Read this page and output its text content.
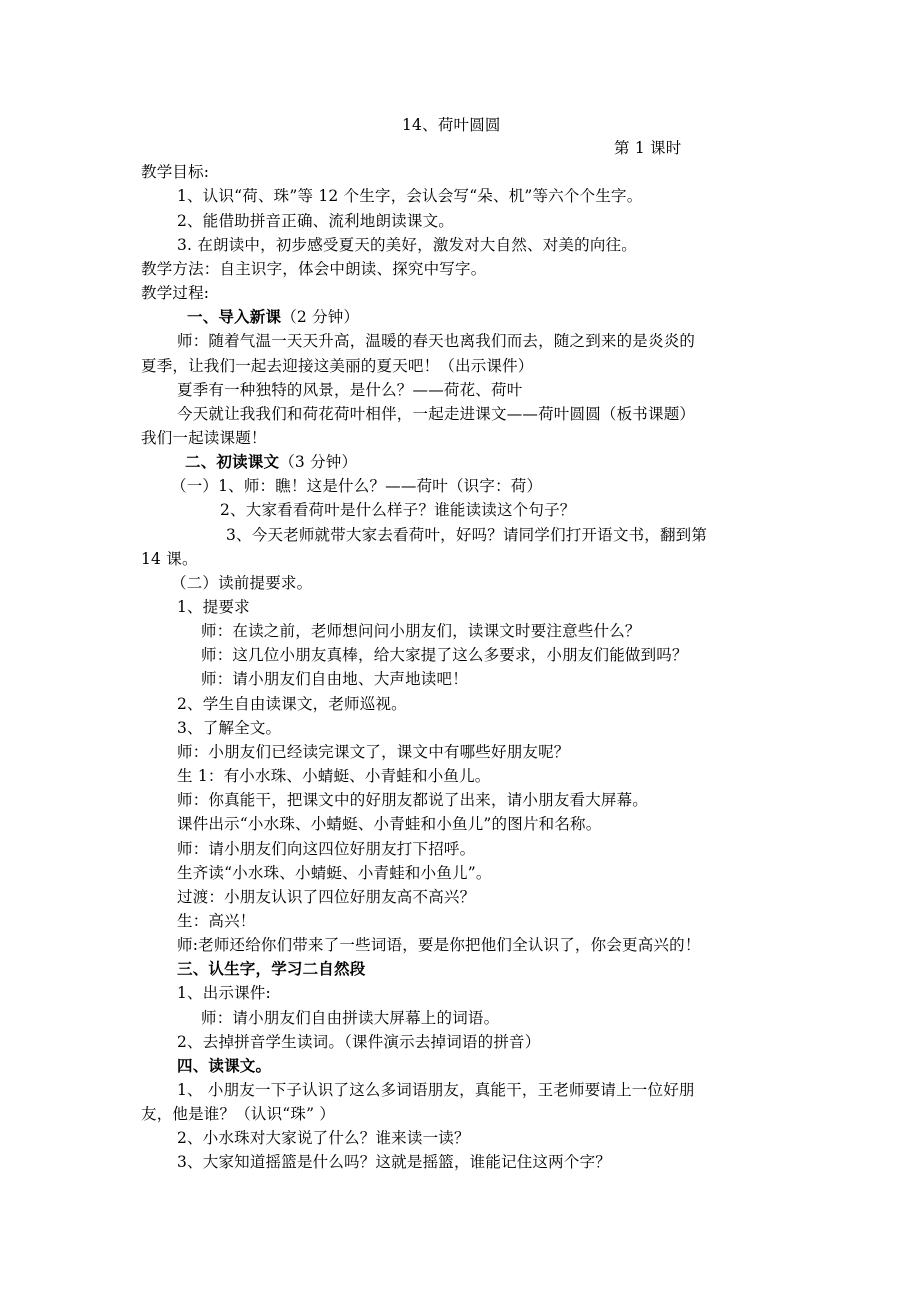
14、荷叶圆圆
第 1 课时
教学目标:
1、认识“荷、珠”等 12 个生字，会认会写“朵、机”等六个个生字。
2、能借助拼音正确、流利地朗读课文。
3. 在朗读中，初步感受夏天的美好，激发对大自然、对美的向往。
教学方法：自主识字，体会中朗读、探究中写字。
教学过程:
一、导入新课（2 分钟）
师：随着气温一天天升高，温暖的春天也离我们而去，随之到来的是炎炎的
夏季，让我们一起去迎接这美丽的夏天吧！（出示课件）
夏季有一种独特的风景，是什么？——荷花、荷叶
今天就让我我们和荷花荷叶相伴，一起走进课文——荷叶圆圆（板书课题）
我们一起读课题！
二、初读课文（3 分钟）
（一）1、师：瞧！这是什么？——荷叶（识字：荷）
2、大家看看荷叶是什么样子？谁能读读这个句子？
3、今天老师就带大家去看荷叶，好吗？请同学们打开语文书，翻到第
14 课。
（二）读前提要求。
1、提要求
师：在读之前，老师想问问小朋友们，读课文时要注意些什么？
师：这几位小朋友真棒，给大家提了这么多要求，小朋友们能做到吗？
师：请小朋友们自由地、大声地读吧！
2、学生自由读课文，老师巡视。
3、了解全文。
师：小朋友们已经读完课文了，课文中有哪些好朋友呢？
生 1：有小水珠、小蜻蜓、小青蛙和小鱼儿。
师：你真能干，把课文中的好朋友都说了出来，请小朋友看大屏幕。
课件出示“小水珠、小蜻蜓、小青蛙和小鱼儿”的图片和名称。
师：请小朋友们向这四位好朋友打下招呼。
生齐读“小水珠、小蜻蜓、小青蛙和小鱼儿”。
过渡：小朋友认识了四位好朋友高不高兴？
生：高兴！
师:老师还给你们带来了一些词语，要是你把他们全认识了，你会更高兴的！
三、认生字，学习二自然段
1、出示课件:
师：请小朋友们自由拼读大屏幕上的词语。
2、去掉拼音学生读词。（课件演示去掉词语的拼音）
四、读课文。
1、 小朋友一下子认识了这么多词语朋友，真能干，王老师要请上一位好朋
友，他是谁？（认识“珠” ）
2、小水珠对大家说了什么？谁来读一读？
3、大家知道摇篮是什么吗？这就是摇篮，谁能记住这两个字？
